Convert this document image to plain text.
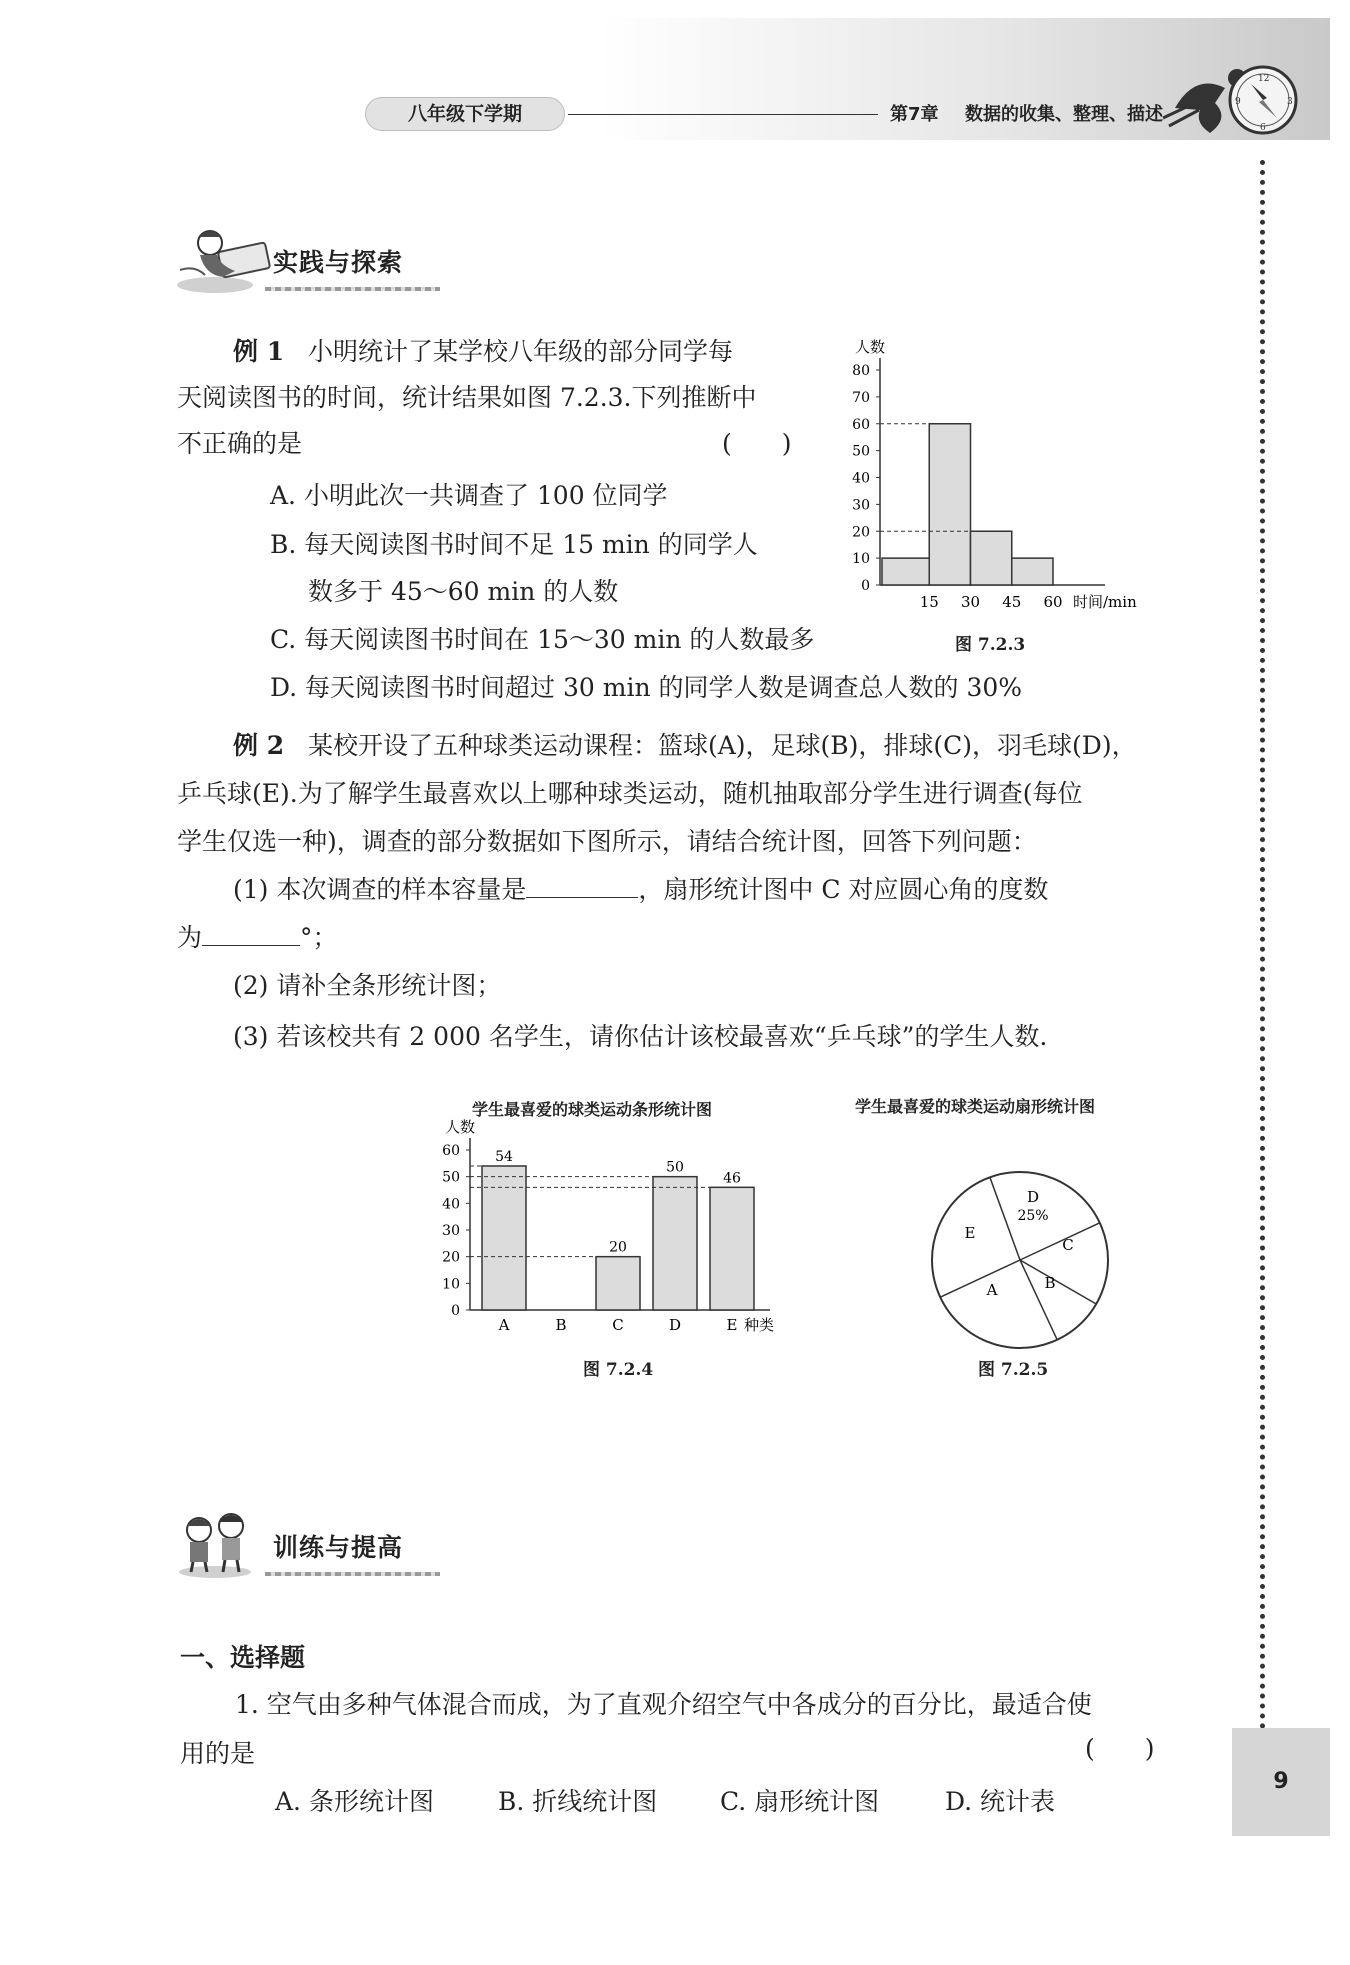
八年级下学期	第7章 数据的收集、整理、描述
12
3
6
9
9
实践与探索
例 1 小明统计了某学校八年级的部分同学每
天阅读图书的时间，统计结果如图 7.2.3.下列推断中
不正确的是	(　　)
A. 小明此次一共调查了 100 位同学
B. 每天阅读图书时间不足 15 min 的同学人
数多于 45～60 min 的人数
C. 每天阅读图书时间在 15～30 min 的人数最多
D. 每天阅读图书时间超过 30 min 的同学人数是调查总人数的 30%
人数
0
10
20
30
40
50
60
70
80
15 30 45 60 时间/min
例 2 某校开设了五种球类运动课程：篮球(A)，足球(B)，排球(C)，羽毛球(D)，
乒乓球(E).为了解学生最喜欢以上哪种球类运动，随机抽取部分学生进行调查(每位
学生仅选一种)，调查的部分数据如下图所示，请结合统计图，回答下列问题：
(1) 本次调查的样本容量是	，扇形统计图中 C 对应圆心角的度数
为	°；
(2) 请补全条形统计图；
(3) 若该校共有 2 000 名学生，请你估计该校最喜欢“乒乓球”的学生人数.
学生最喜爱的球类运动条形统计图
人数
0
10
20
30
40
50
60	54
A	B
20
C
50
D
46
E 种类
图 7.2.4
学生最喜爱的球类运动扇形统计图
A	B
C
D
E
25%
图 7.2.5
训练与提高
一、选择题
1. 空气由多种气体混合而成，为了直观介绍空气中各成分的百分比，最适合使
用的是	(　　)
A. 条形统计图	B. 折线统计图	C. 扇形统计图	D. 统计表
图 7.2.3
